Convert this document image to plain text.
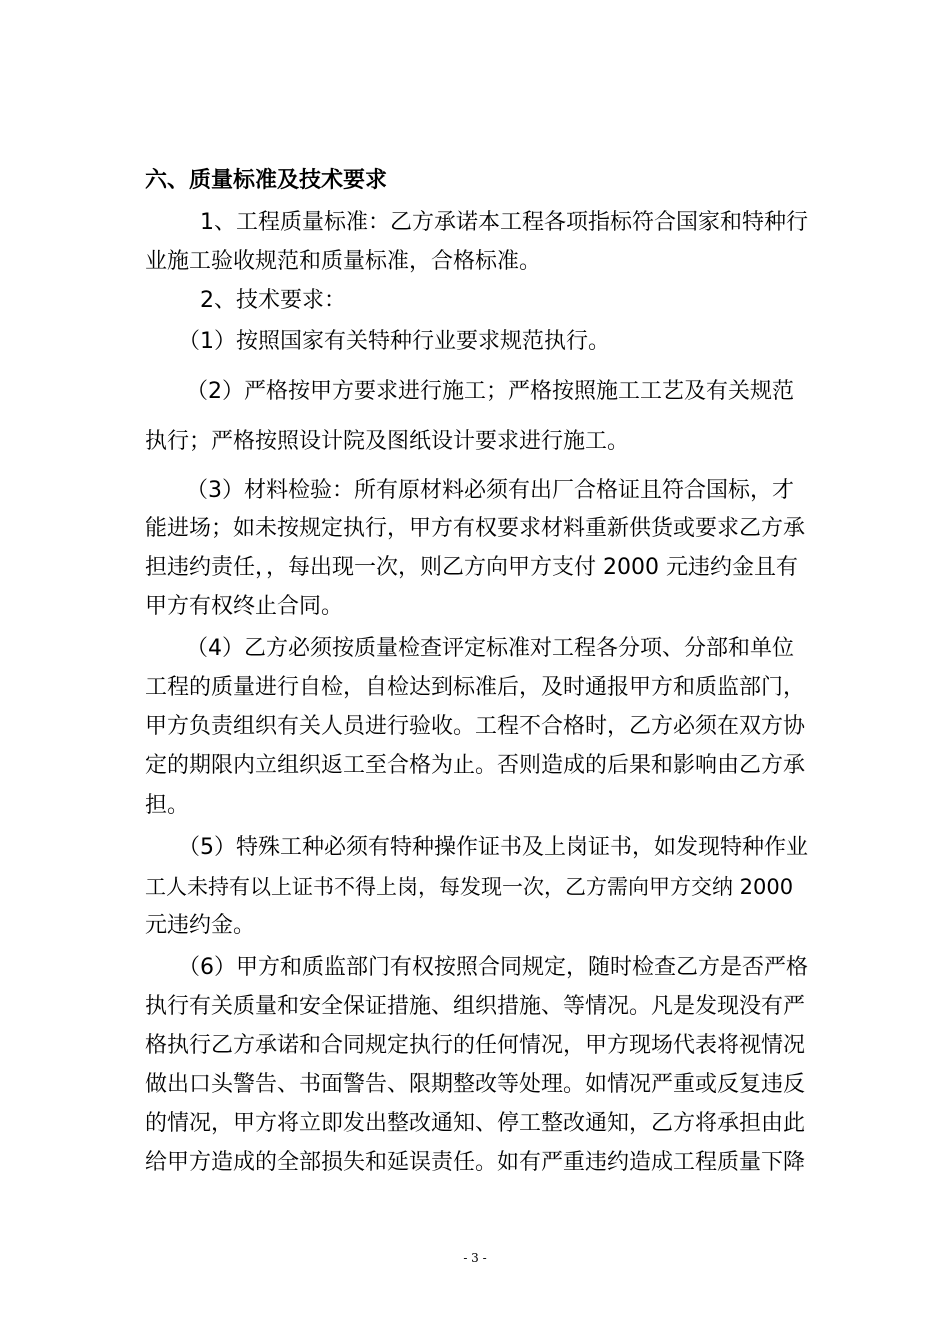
六、质量标准及技术要求
1、工程质量标准：乙方承诺本工程各项指标符合国家和特种行
业施工验收规范和质量标准，合格标准。
2、技术要求：
（1）按照国家有关特种行业要求规范执行。
（2）严格按甲方要求进行施工；严格按照施工工艺及有关规范
执行；严格按照设计院及图纸设计要求进行施工。
（3）材料检验：所有原材料必须有出厂合格证且符合国标，才
能进场；如未按规定执行，甲方有权要求材料重新供货或要求乙方承
担违约责任，，每出现一次，则乙方向甲方支付 2000 元违约金且有
甲方有权终止合同。
（4）乙方必须按质量检查评定标准对工程各分项、分部和单位
工程的质量进行自检，自检达到标准后，及时通报甲方和质监部门，
甲方负责组织有关人员进行验收。工程不合格时，乙方必须在双方协
定的期限内立组织返工至合格为止。否则造成的后果和影响由乙方承
担。
（5）特殊工种必须有特种操作证书及上岗证书，如发现特种作业
工人未持有以上证书不得上岗，每发现一次，乙方需向甲方交纳 2000
元违约金。
（6）甲方和质监部门有权按照合同规定，随时检查乙方是否严格
执行有关质量和安全保证措施、组织措施、等情况。凡是发现没有严
格执行乙方承诺和合同规定执行的任何情况，甲方现场代表将视情况
做出口头警告、书面警告、限期整改等处理。如情况严重或反复违反
的情况，甲方将立即发出整改通知、停工整改通知，乙方将承担由此
给甲方造成的全部损失和延误责任。如有严重违约造成工程质量下降
- 3 -
